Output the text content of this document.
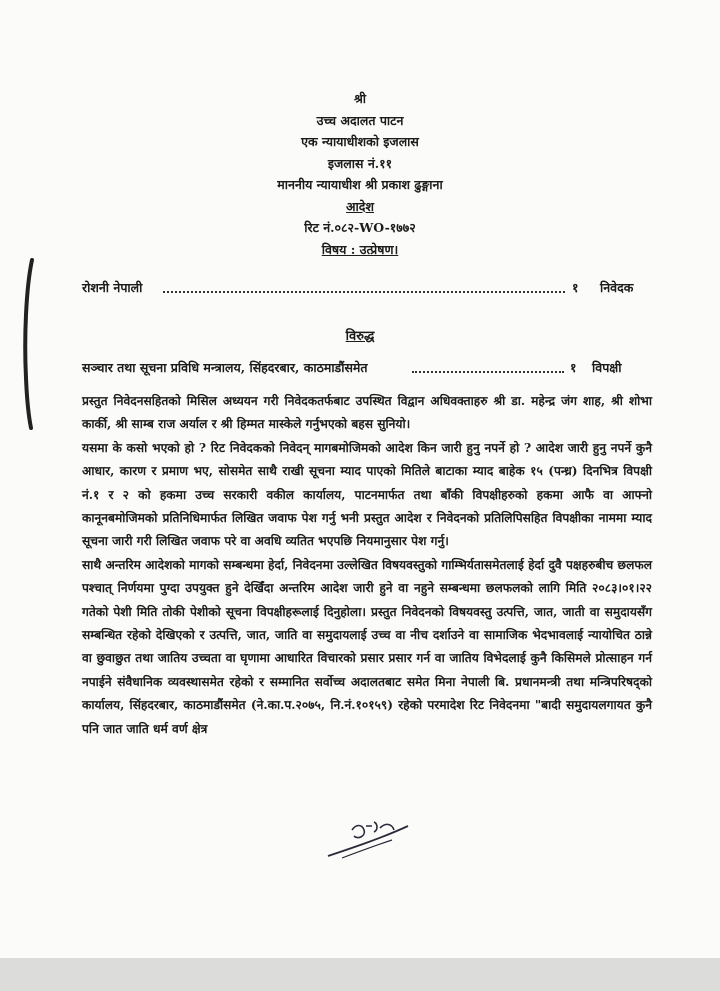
श्री
उच्च अदालत पाटन
एक न्यायाधीशको इजलास
इजलास नं.११
माननीय न्यायाधीश श्री प्रकाश ढुङ्गाना
आदेश
रिट नं.०८२-WO-१७७२
विषय : उत्प्रेषण।
रोशनी नेपाली	१ निवेदक
विरुद्ध
सञ्चार तथा सूचना प्रविधि मन्त्रालय, सिंहदरबार, काठमाडौंसमेत	१ विपक्षी

प्रस्तुत निवेदनसहितको मिसिल अध्ययन गरी निवेदकतर्फबाट उपस्थित विद्वान अधिवक्ताहरु श्री डा. महेन्द्र जंग शाह, श्री शोभा कार्की, श्री साम्ब राज अर्याल र श्री हिम्मत मास्केले गर्नुभएको बहस सुनियो।

यसमा के कसो भएको हो ? रिट निवेदकको निवेदन् मागबमोजिमको आदेश किन जारी हुनु नपर्ने हो ? आदेश जारी हुनु नपर्ने कुनै आधार, कारण र प्रमाण भए, सोसमेत साथै राखी सूचना म्याद पाएको मितिले बाटाका म्याद बाहेक १५ (पन्ध्र) दिनभित्र विपक्षी नं.१ र २ को हकमा उच्च सरकारी वकील कार्यालय, पाटनमार्फत तथा बाँकी विपक्षीहरुको हकमा आफै वा आफ्नो कानूनबमोजिमको प्रतिनिधिमार्फत लिखित जवाफ पेश गर्नु भनी प्रस्तुत आदेश र निवेदनको प्रतिलिपिसहित विपक्षीका नाममा म्याद सूचना जारी गरी लिखित जवाफ परे वा अवधि व्यतित भएपछि नियमानुसार पेश गर्नु।

साथै अन्तरिम आदेशको मागको सम्बन्धमा हेर्दा, निवेदनमा उल्लेखित विषयवस्तुको गाम्भिर्यतासमेतलाई हेर्दा दुवै पक्षहरुबीच छलफल पश्चात् निर्णयमा पुग्दा उपयुक्त हुने देखिँदा अन्तरिम आदेश जारी हुने वा नहुने सम्बन्धमा छलफलको लागि मिति २०८३।०१।२२ गतेको पेशी मिति तोकी पेशीको सूचना विपक्षीहरूलाई दिनुहोला। प्रस्तुत निवेदनको विषयवस्तु उत्पत्ति, जात, जाती वा समुदायसँग सम्बन्धित रहेको देखिएको र उत्पत्ति, जात, जाति वा समुदायलाई उच्च वा नीच दर्शाउने वा सामाजिक भेदभावलाई न्यायोचित ठान्ने वा छुवाछुत तथा जातिय उच्चता वा घृणामा आधारित विचारको प्रसार प्रसार गर्न वा जातिय विभेदलाई कुनै किसिमले प्रोत्साहन गर्न नपाईने संवैधानिक व्यवस्थासमेत रहेको र सम्मानित सर्वोच्च अदालतबाट समेत मिना नेपाली बि. प्रधानमन्त्री तथा मन्त्रिपरिषद्को कार्यालय, सिंहदरबार, काठमाडौंसमेत (ने.का.प.२०७५, नि.नं.१०१५९) रहेको परमादेश रिट निवेदनमा "बादी समुदायलगायत कुनै पनि जात जाति धर्म वर्ण क्षेत्र
